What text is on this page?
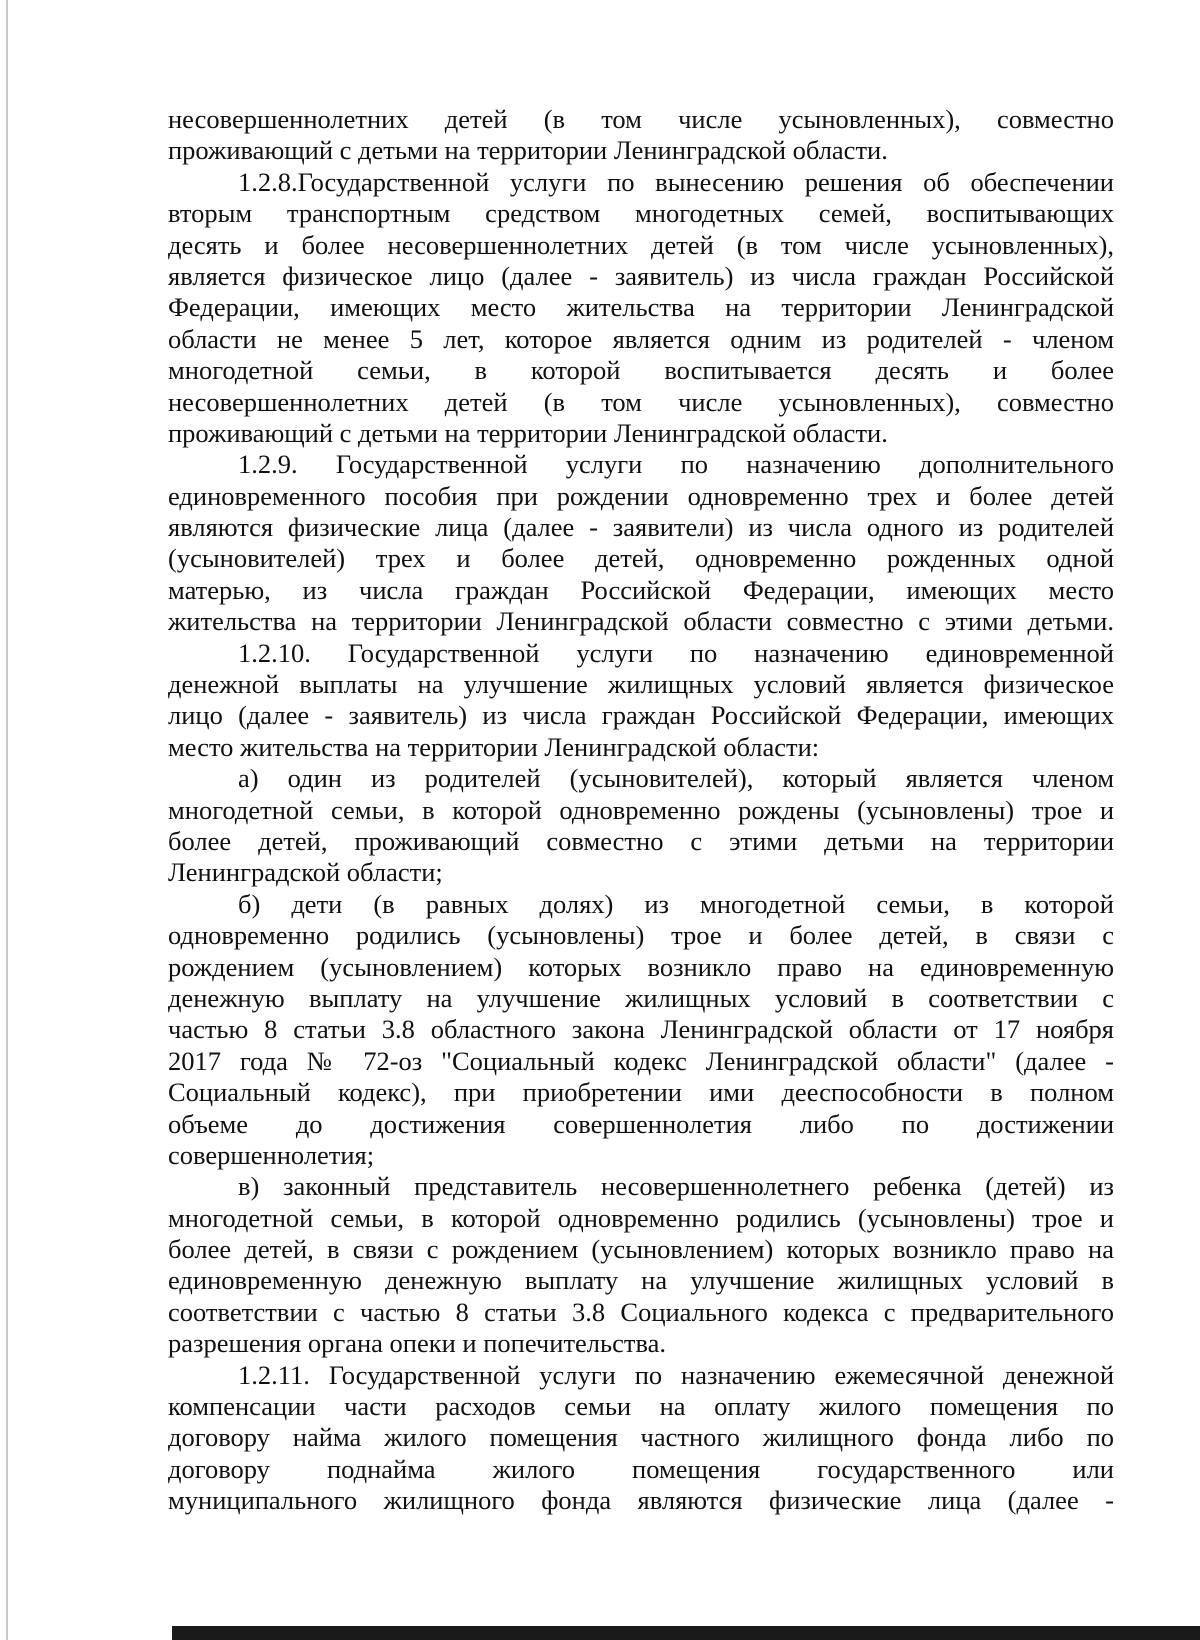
несовершеннолетних детей (в том числе усыновленных), совместно
проживающий с детьми на территории Ленинградской области.
1.2.8.Государственной услуги по вынесению решения об обеспечении
вторым транспортным средством многодетных семей, воспитывающих
десять и более несовершеннолетних детей (в том числе усыновленных),
является физическое лицо (далее - заявитель) из числа граждан Российской
Федерации, имеющих место жительства на территории Ленинградской
области не менее 5 лет, которое является одним из родителей - членом
многодетной семьи, в которой воспитывается десять и более
несовершеннолетних детей (в том числе усыновленных), совместно
проживающий с детьми на территории Ленинградской области.
1.2.9. Государственной услуги по назначению дополнительного
единовременного пособия при рождении одновременно трех и более детей
являются физические лица (далее - заявители) из числа одного из родителей
(усыновителей) трех и более детей, одновременно рожденных одной
матерью, из числа граждан Российской Федерации, имеющих место
жительства на территории Ленинградской области совместно с этими детьми.
1.2.10. Государственной услуги по назначению единовременной
денежной выплаты на улучшение жилищных условий является физическое
лицо (далее - заявитель) из числа граждан Российской Федерации, имеющих
место жительства на территории Ленинградской области:
а) один из родителей (усыновителей), который является членом
многодетной семьи, в которой одновременно рождены (усыновлены) трое и
более детей, проживающий совместно с этими детьми на территории
Ленинградской области;
б) дети (в равных долях) из многодетной семьи, в которой
одновременно родились (усыновлены) трое и более детей, в связи с
рождением (усыновлением) которых возникло право на единовременную
денежную выплату на улучшение жилищных условий в соответствии с
частью 8 статьи 3.8 областного закона Ленинградской области от 17 ноября
2017 года № 72-оз "Социальный кодекс Ленинградской области" (далее -
Социальный кодекс), при приобретении ими дееспособности в полном
объеме до достижения совершеннолетия либо по достижении
совершеннолетия;
в) законный представитель несовершеннолетнего ребенка (детей) из
многодетной семьи, в которой одновременно родились (усыновлены) трое и
более детей, в связи с рождением (усыновлением) которых возникло право на
единовременную денежную выплату на улучшение жилищных условий в
соответствии с частью 8 статьи 3.8 Социального кодекса с предварительного
разрешения органа опеки и попечительства.
1.2.11. Государственной услуги по назначению ежемесячной денежной
компенсации части расходов семьи на оплату жилого помещения по
договору найма жилого помещения частного жилищного фонда либо по
договору поднайма жилого помещения государственного или
муниципального жилищного фонда являются физические лица (далее -
